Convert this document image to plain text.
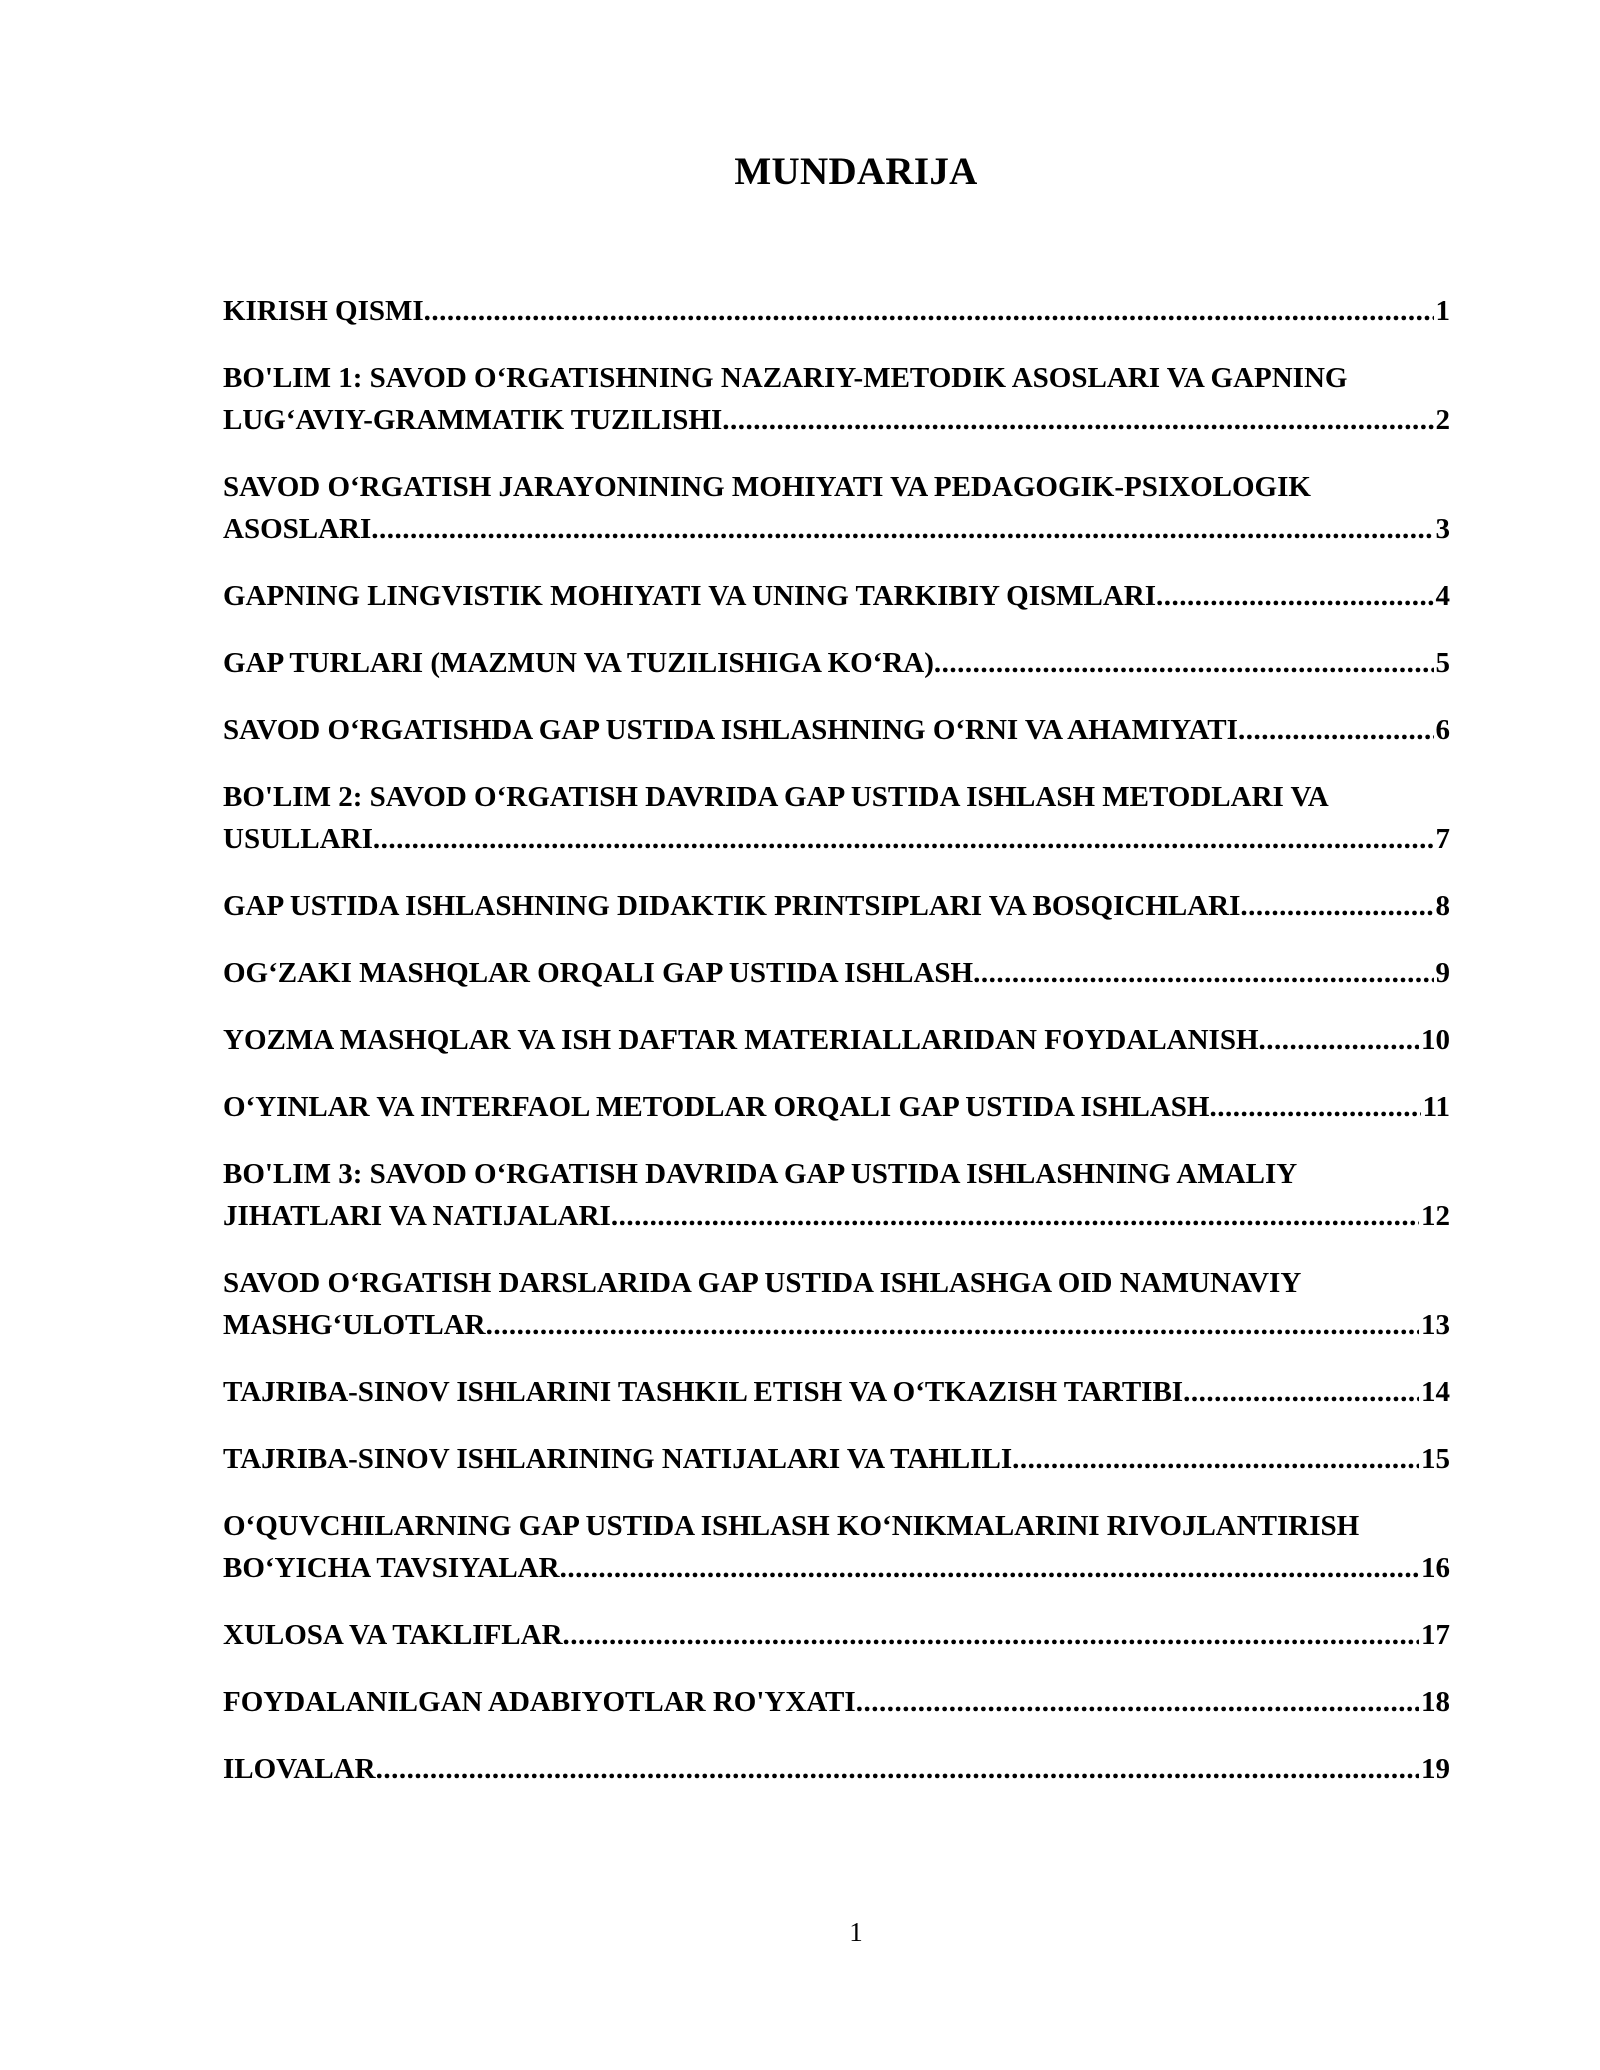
MUNDARIJA
KIRISH QISMI .....	1
BO'LIM 1: SAVOD O‘RGATISHNING NAZARIY-METODIK ASOSLARI VA GAPNING
LUG‘AVIY-GRAMMATIK TUZILISHI .....	2
SAVOD O‘RGATISH JARAYONINING MOHIYATI VA PEDAGOGIK-PSIXOLOGIK
ASOSLARI .....	3
GAPNING LINGVISTIK MOHIYATI VA UNING TARKIBIY QISMLARI .....	4
GAP TURLARI (MAZMUN VA TUZILISHIGA KO‘RA) .....	5
SAVOD O‘RGATISHDA GAP USTIDA ISHLASHNING O‘RNI VA AHAMIYATI .....	6
BO'LIM 2: SAVOD O‘RGATISH DAVRIDA GAP USTIDA ISHLASH METODLARI VA
USULLARI .....	7
GAP USTIDA ISHLASHNING DIDAKTIK PRINTSIPLARI VA BOSQICHLARI .....	8
OG‘ZAKI MASHQLAR ORQALI GAP USTIDA ISHLASH .....	9
YOZMA MASHQLAR VA ISH DAFTAR MATERIALLARIDAN FOYDALANISH .....	10
O‘YINLAR VA INTERFAOL METODLAR ORQALI GAP USTIDA ISHLASH .....	11
BO'LIM 3: SAVOD O‘RGATISH DAVRIDA GAP USTIDA ISHLASHNING AMALIY
JIHATLARI VA NATIJALARI .....	12
SAVOD O‘RGATISH DARSLARIDA GAP USTIDA ISHLASHGA OID NAMUNAVIY
MASHG‘ULOTLAR .....	13
TAJRIBA-SINOV ISHLARINI TASHKIL ETISH VA O‘TKAZISH TARTIBI .....	14
TAJRIBA-SINOV ISHLARINING NATIJALARI VA TAHLILI .....	15
O‘QUVCHILARNING GAP USTIDA ISHLASH KO‘NIKMALARINI RIVOJLANTIRISH
BO‘YICHA TAVSIYALAR .....	16
XULOSA VA TAKLIFLAR .....	17
FOYDALANILGAN ADABIYOTLAR RO'YXATI .....	18
ILOVALAR .....	19
1
